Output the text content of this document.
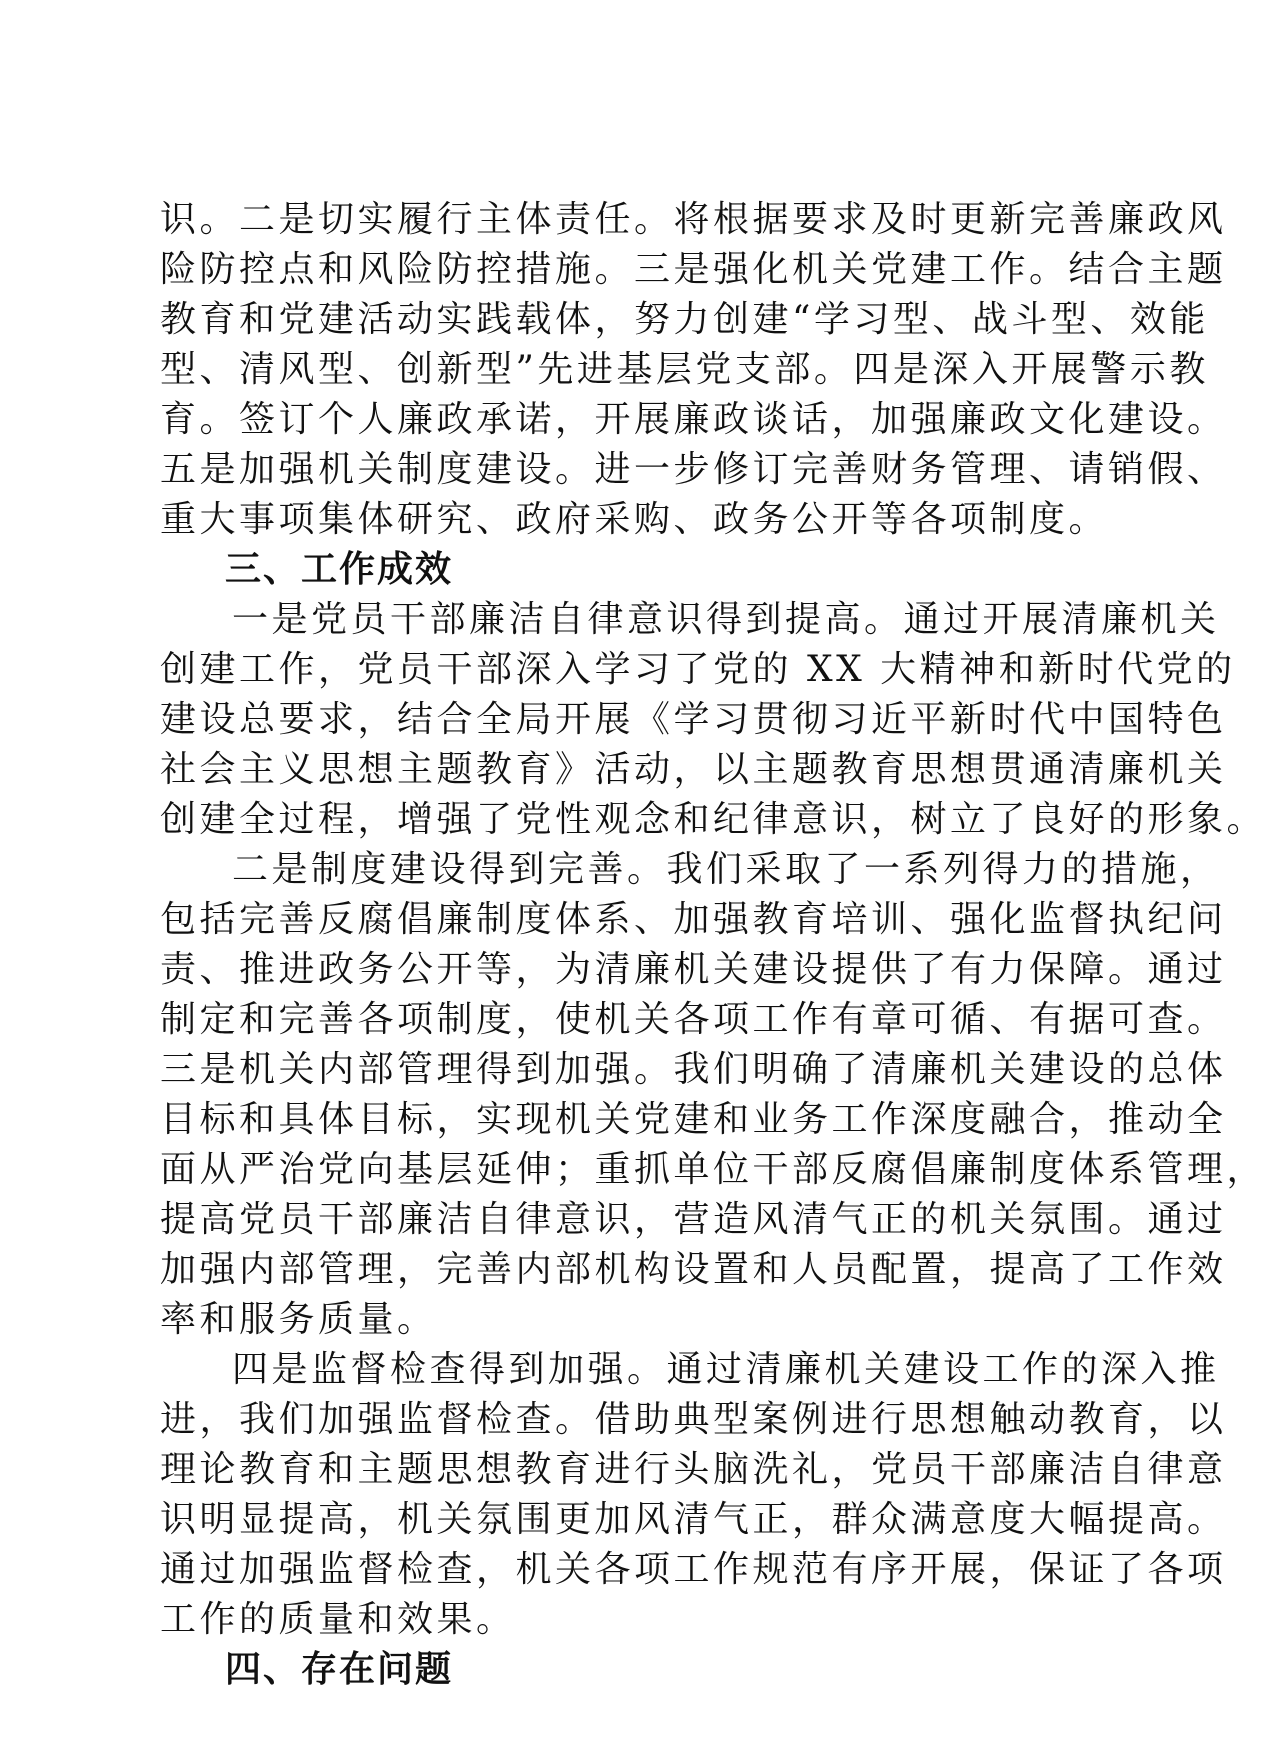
识。二是切实履行主体责任。将根据要求及时更新完善廉政风
险防控点和风险防控措施。三是强化机关党建工作。结合主题
教育和党建活动实践载体，努力创建“学习型、战斗型、效能
型、清风型、创新型”先进基层党支部。四是深入开展警示教
育。签订个人廉政承诺，开展廉政谈话，加强廉政文化建设。
五是加强机关制度建设。进一步修订完善财务管理、请销假、
重大事项集体研究、政府采购、政务公开等各项制度。
三、工作成效
一是党员干部廉洁自律意识得到提高。通过开展清廉机关
创建工作，党员干部深入学习了党的 XX 大精神和新时代党的
建设总要求，结合全局开展《学习贯彻习近平新时代中国特色
社会主义思想主题教育》活动，以主题教育思想贯通清廉机关
创建全过程，增强了党性观念和纪律意识，树立了良好的形象。
二是制度建设得到完善。我们采取了一系列得力的措施，
包括完善反腐倡廉制度体系、加强教育培训、强化监督执纪问
责、推进政务公开等，为清廉机关建设提供了有力保障。通过
制定和完善各项制度，使机关各项工作有章可循、有据可查。
三是机关内部管理得到加强。我们明确了清廉机关建设的总体
目标和具体目标，实现机关党建和业务工作深度融合，推动全
面从严治党向基层延伸；重抓单位干部反腐倡廉制度体系管理，
提高党员干部廉洁自律意识，营造风清气正的机关氛围。通过
加强内部管理，完善内部机构设置和人员配置，提高了工作效
率和服务质量。
四是监督检查得到加强。通过清廉机关建设工作的深入推
进，我们加强监督检查。借助典型案例进行思想触动教育，以
理论教育和主题思想教育进行头脑洗礼，党员干部廉洁自律意
识明显提高，机关氛围更加风清气正，群众满意度大幅提高。
通过加强监督检查，机关各项工作规范有序开展，保证了各项
工作的质量和效果。
四、存在问题
